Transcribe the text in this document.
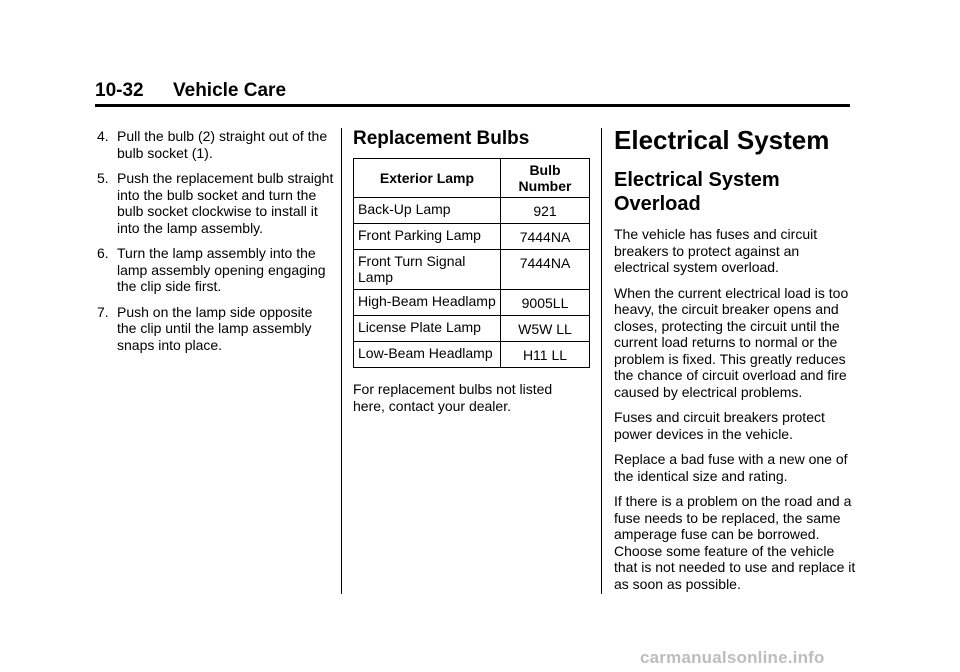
10-32 Vehicle Care
4. Pull the bulb (2) straight out of the bulb socket (1).
5. Push the replacement bulb straight into the bulb socket and turn the bulb socket clockwise to install it into the lamp assembly.
6. Turn the lamp assembly into the lamp assembly opening engaging the clip side first.
7. Push on the lamp side opposite the clip until the lamp assembly snaps into place.
Replacement Bulbs
Exterior Lamp	Bulb Number
Back-Up Lamp	921
Front Parking Lamp	7444NA
Front Turn Signal Lamp	7444NA
High-Beam Headlamp	9005LL
License Plate Lamp	W5W LL
Low-Beam Headlamp	H11 LL
For replacement bulbs not listed here, contact your dealer.
Electrical System
Electrical System Overload

The vehicle has fuses and circuit breakers to protect against an electrical system overload.

When the current electrical load is too heavy, the circuit breaker opens and closes, protecting the circuit until the current load returns to normal or the problem is fixed. This greatly reduces the chance of circuit overload and fire caused by electrical problems.

Fuses and circuit breakers protect power devices in the vehicle.

Replace a bad fuse with a new one of the identical size and rating.

If there is a problem on the road and a fuse needs to be replaced, the same amperage fuse can be borrowed. Choose some feature of the vehicle that is not needed to use and replace it as soon as possible.

carmanualsonline.info
